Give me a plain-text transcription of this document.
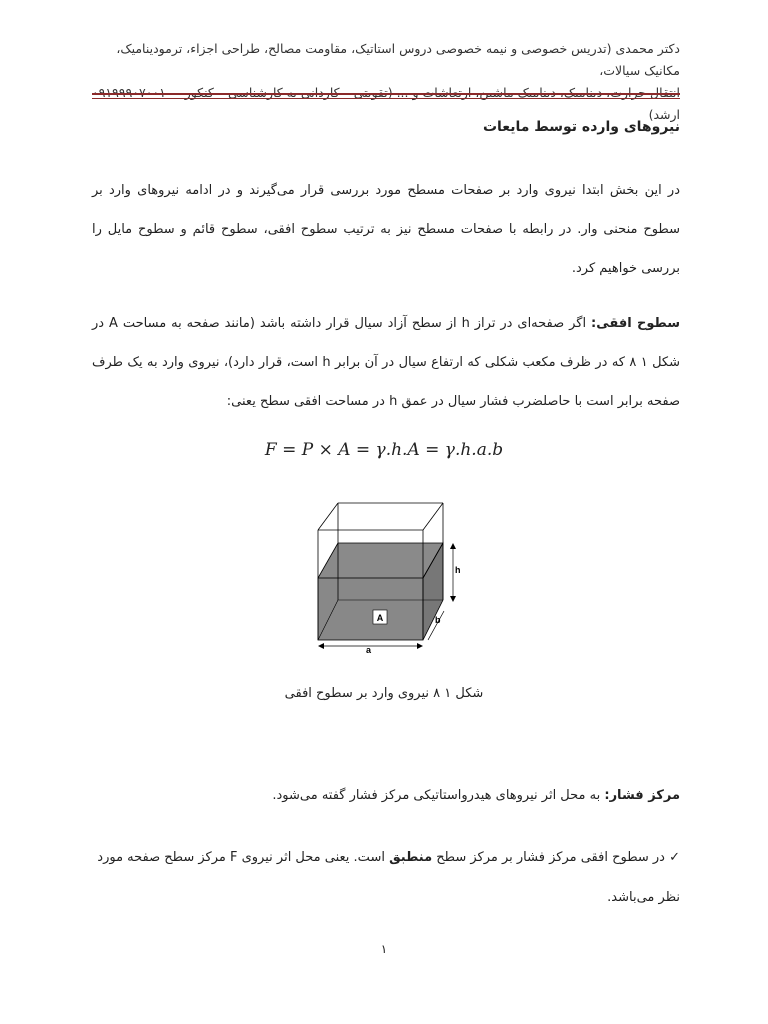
دکتر محمدی (تدریس خصوصی و نیمه خصوصی دروس استاتیک، مقاومت مصالح، طراحی اجزاء، ترمودینامیک، مکانیک سیالات،
ارشد)
نیروهای وارده توسط مایعات
در این بخش ابتدا نیروی وارد بر صفحات مسطح مورد بررسی قرار می‌گیرند و در ادامه نیروهای وارد بر سطوح منحنی وار. در رابطه با صفحات مسطح نیز به ترتیب سطوح افقی، سطوح قائم و سطوح مایل را بررسی خواهیم کرد.
سطوح افقی: اگر صفحه‌ای در تراز h از سطح آزاد سیال قرار داشته باشد (مانند صفحه به مساحت A در شکل ۱ ۸ که در ظرف مکعب شکلی که ارتفاع سیال در آن برابر h است، قرار دارد)، نیروی وارد به یک طرف صفحه برابر است با حاصلضرب فشار سیال در عمق h در مساحت افقی سطح یعنی:
F = P × A = γ.h.A = γ.h.a.b
A
h
b
a
شکل ۱ ۸ نیروی وارد بر سطوح افقی
مرکز فشار: به محل اثر نیروهای هیدرواستاتیکی مرکز فشار گفته می‌شود.
✓ در سطوح افقی مرکز فشار بر مرکز سطح منطبق است. یعنی محل اثر نیروی F مرکز سطح صفحه مورد نظر می‌باشد.
۱
